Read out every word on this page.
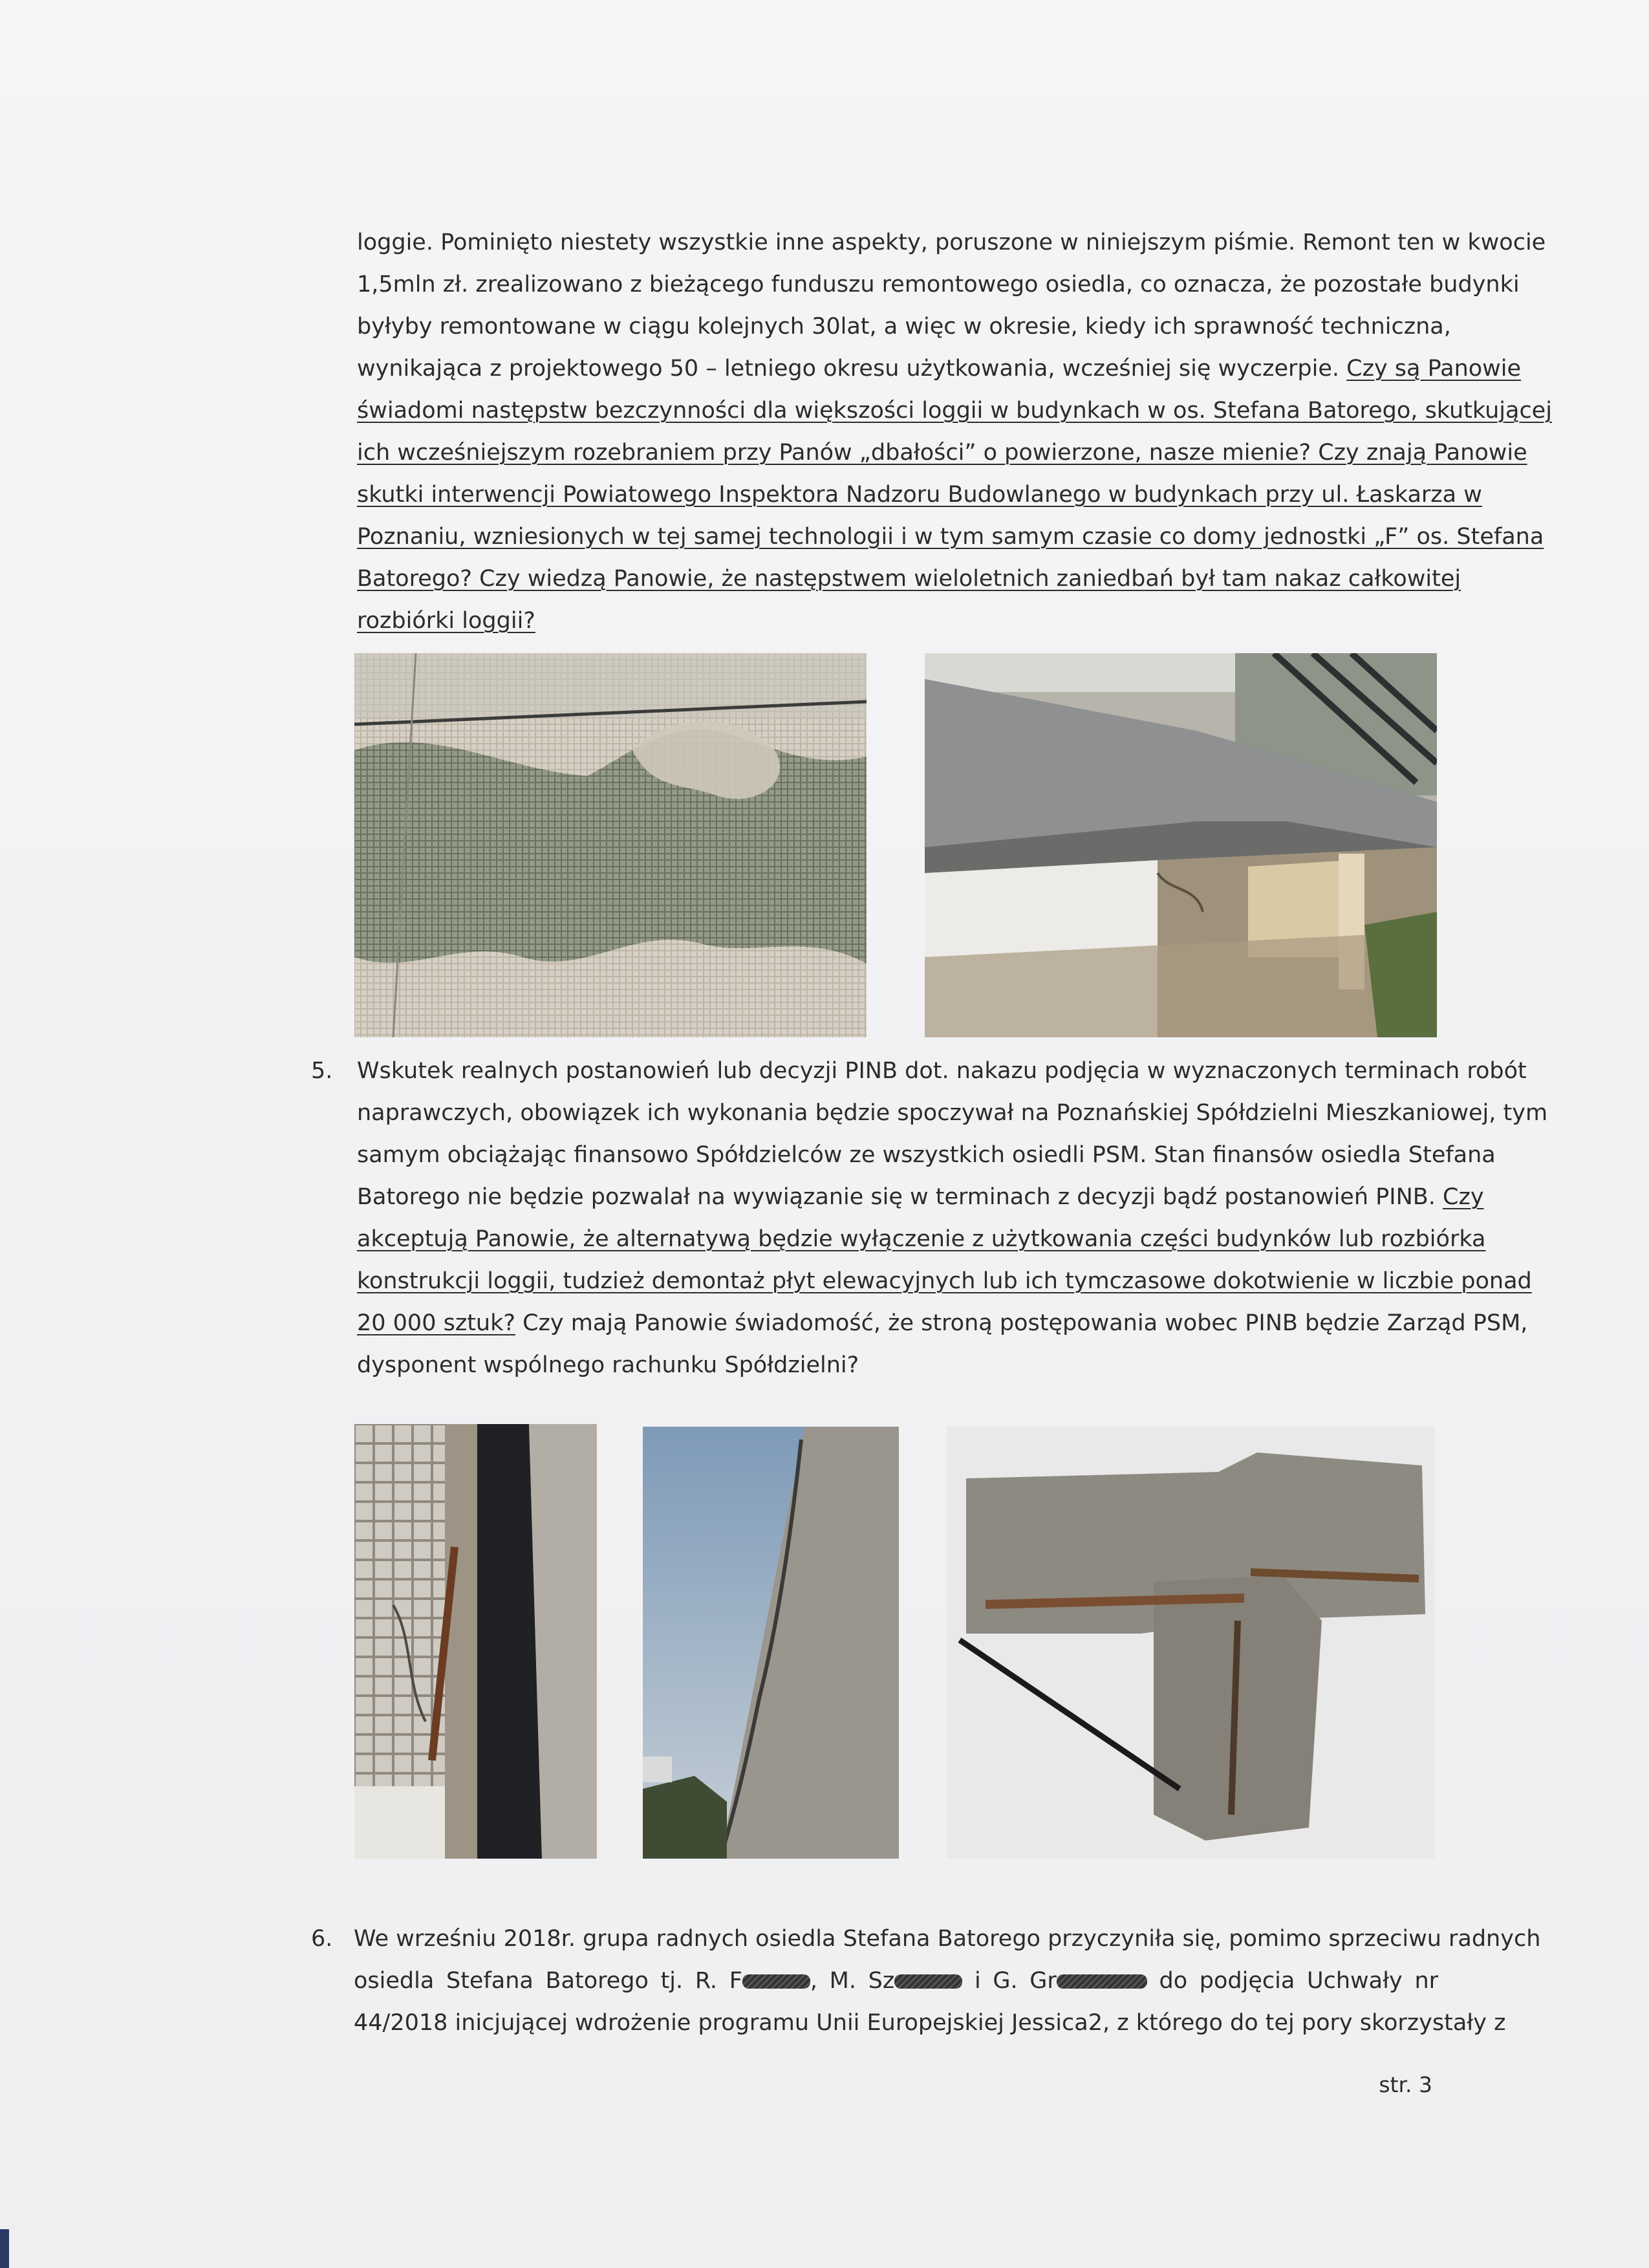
loggie. Pominięto niestety wszystkie inne aspekty, poruszone w niniejszym piśmie. Remont ten w kwocie
1,5mln zł. zrealizowano z bieżącego funduszu remontowego osiedla, co oznacza, że pozostałe budynki
byłyby remontowane w ciągu kolejnych 30lat, a więc w okresie, kiedy ich sprawność techniczna,
wynikająca z projektowego 50 – letniego okresu użytkowania, wcześniej się wyczerpie. Czy są Panowie
świadomi następstw bezczynności dla większości loggii w budynkach w os. Stefana Batorego, skutkującej
ich wcześniejszym rozebraniem przy Panów „dbałości” o powierzone, nasze mienie? Czy znają Panowie
skutki interwencji Powiatowego Inspektora Nadzoru Budowlanego w budynkach przy ul. Łaskarza w
Poznaniu, wzniesionych w tej samej technologii i w tym samym czasie co domy jednostki „F” os. Stefana
Batorego? Czy wiedzą Panowie, że następstwem wieloletnich zaniedbań był tam nakaz całkowitej
rozbiórki loggii?
5. Wskutek realnych postanowień lub decyzji PINB dot. nakazu podjęcia w wyznaczonych terminach robót
naprawczych, obowiązek ich wykonania będzie spoczywał na Poznańskiej Spółdzielni Mieszkaniowej, tym
samym obciążając finansowo Spółdzielców ze wszystkich osiedli PSM. Stan finansów osiedla Stefana
Batorego nie będzie pozwalał na wywiązanie się w terminach z decyzji bądź postanowień PINB. Czy
akceptują Panowie, że alternatywą będzie wyłączenie z użytkowania części budynków lub rozbiórka
konstrukcji loggii, tudzież demontaż płyt elewacyjnych lub ich tymczasowe dokotwienie w liczbie ponad
20 000 sztuk? Czy mają Panowie świadomość, że stroną postępowania wobec PINB będzie Zarząd PSM,
dysponent wspólnego rachunku Spółdzielni?
6. We wrześniu 2018r. grupa radnych osiedla Stefana Batorego przyczyniła się, pomimo sprzeciwu radnych
osiedla Stefana Batorego tj. R. F	, M. Sz	i G. Gr	do podjęcia Uchwały nr
44/2018 inicjującej wdrożenie programu Unii Europejskiej Jessica2, z którego do tej pory skorzystały z
str. 3
